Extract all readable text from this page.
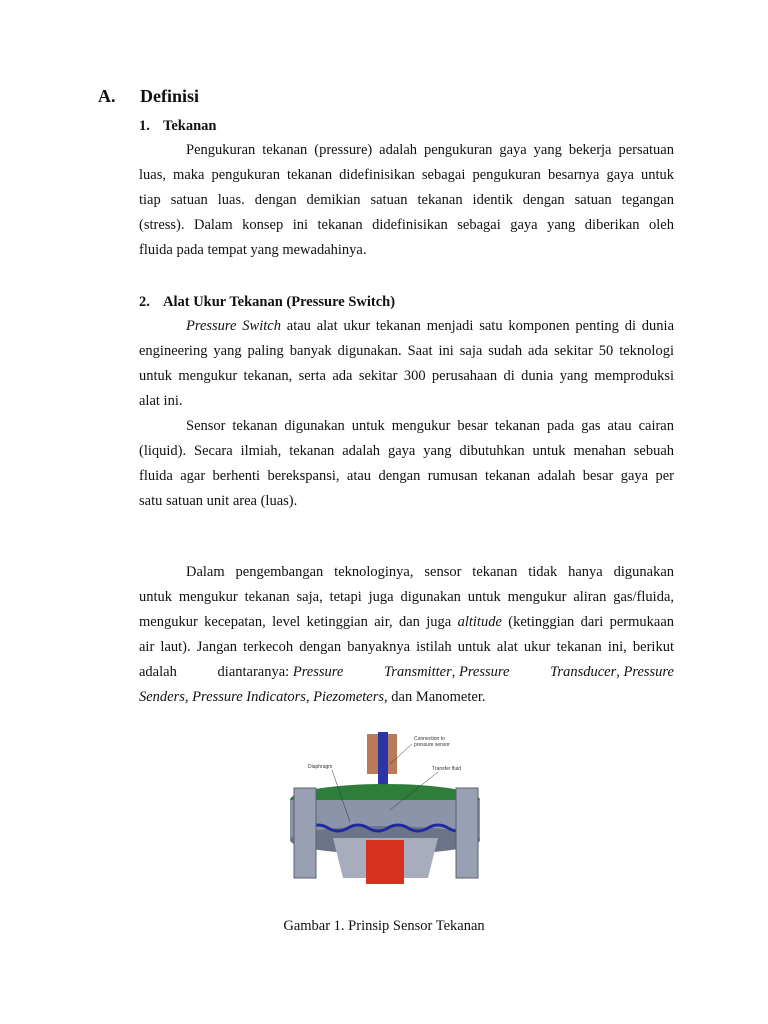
A. Definisi
1. Tekanan
Pengukuran tekanan (pressure) adalah pengukuran gaya yang bekerja persatuan
luas, maka pengukuran tekanan didefinisikan sebagai pengukuran besarnya gaya untuk
tiap satuan luas. dengan demikian satuan tekanan identik dengan satuan tegangan
(stress). Dalam konsep ini tekanan didefinisikan sebagai gaya yang diberikan oleh
fluida pada tempat yang mewadahinya.
2. Alat Ukur Tekanan (Pressure Switch)
Pressure Switch atau alat ukur tekanan menjadi satu komponen penting di dunia
engineering yang paling banyak digunakan. Saat ini saja sudah ada sekitar 50 teknologi
untuk mengukur tekanan, serta ada sekitar 300 perusahaan di dunia yang memproduksi
alat ini.
Sensor tekanan digunakan untuk mengukur besar tekanan pada gas atau cairan
(liquid). Secara ilmiah, tekanan adalah gaya yang dibutuhkan untuk menahan sebuah
fluida agar berhenti berekspansi, atau dengan rumusan tekanan adalah besar gaya per
satu satuan unit area (luas).
Dalam pengembangan teknologinya, sensor tekanan tidak hanya digunakan
untuk mengukur tekanan saja, tetapi juga digunakan untuk mengukur aliran gas/fluida,
mengukur kecepatan, level ketinggian air, dan juga altitude (ketinggian dari permukaan
air laut). Jangan terkecoh dengan banyaknya istilah untuk alat ukur tekanan ini, berikut
adalah	diantaranya: Pressure	Transmitter, Pressure	Transducer, Pressure
Senders, Pressure Indicators, Piezometers, dan Manometer.
Connection to
pressure sensor
Diaphragm	Transfer fluid
Gambar 1. Prinsip Sensor Tekanan
